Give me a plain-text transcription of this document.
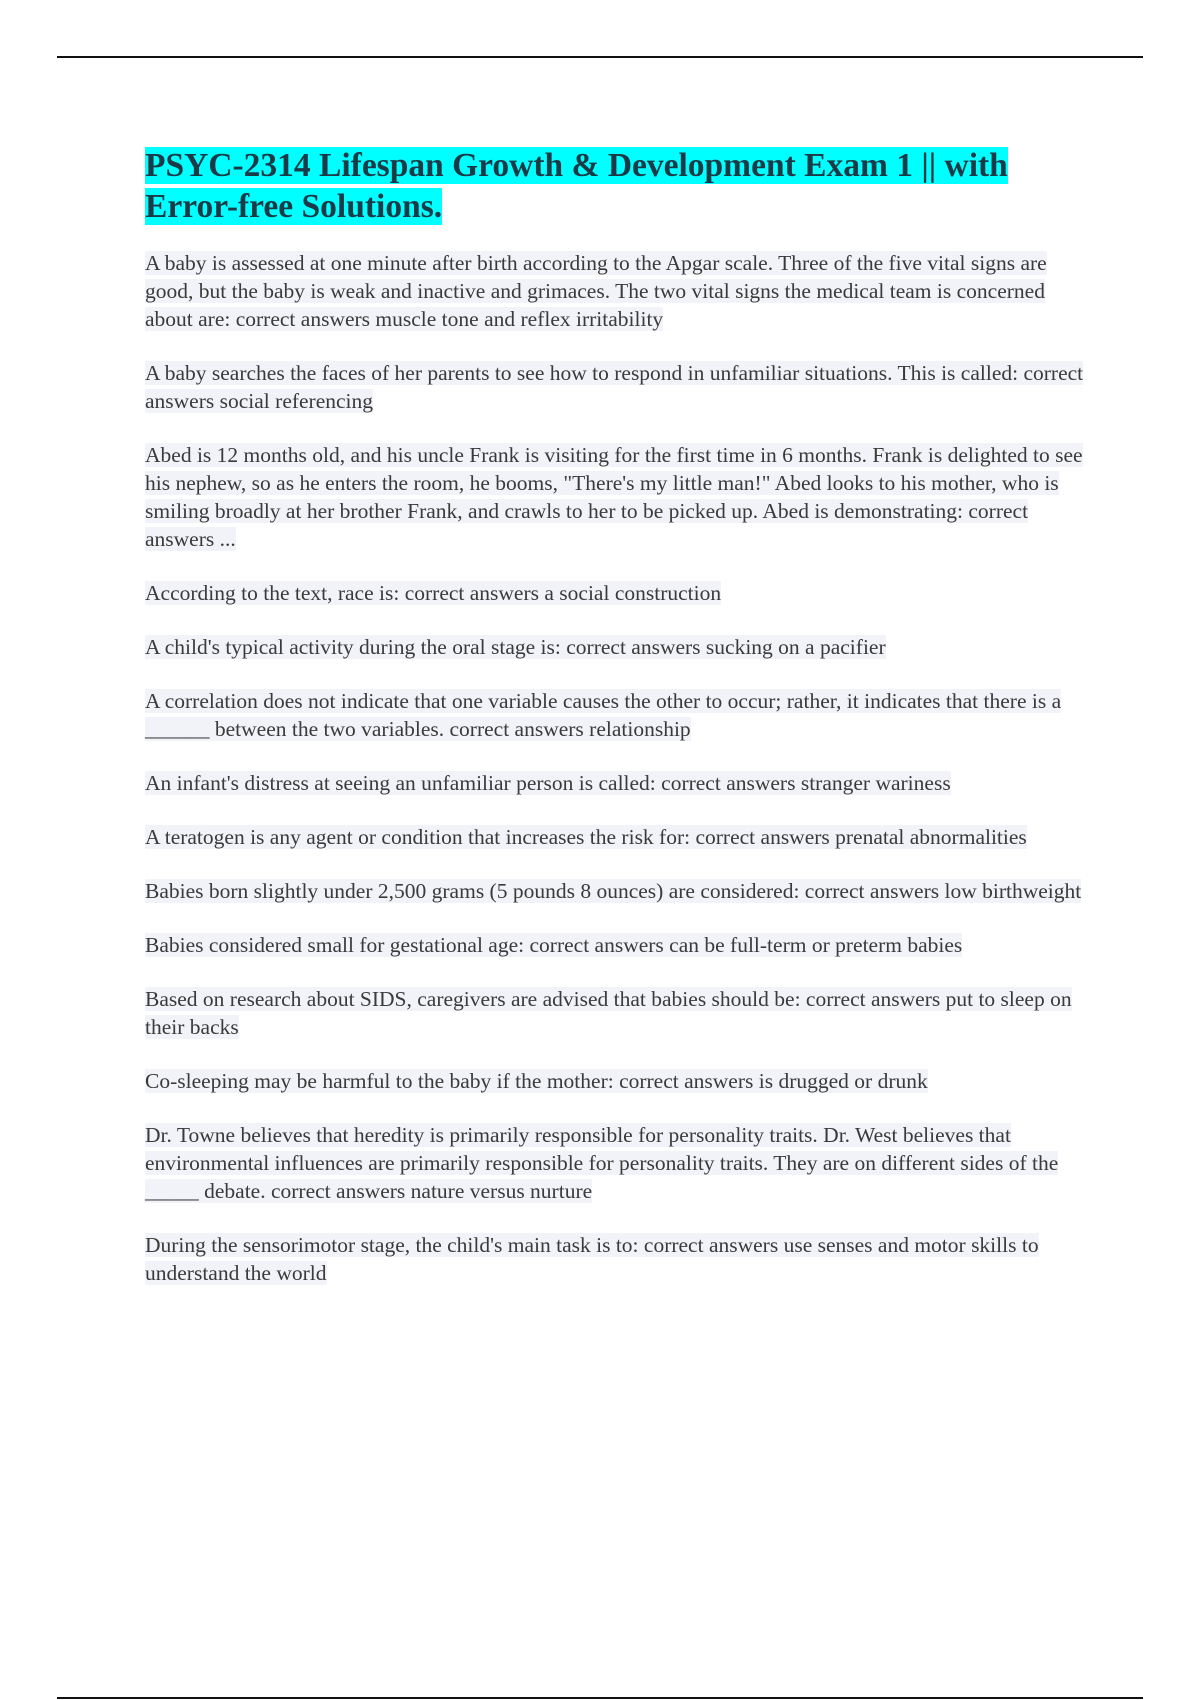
PSYC-2314 Lifespan Growth & Development Exam 1 || with Error-free Solutions.

A baby is assessed at one minute after birth according to the Apgar scale. Three of the five vital signs are good, but the baby is weak and inactive and grimaces. The two vital signs the medical team is concerned about are: correct answers muscle tone and reflex irritability

A baby searches the faces of her parents to see how to respond in unfamiliar situations. This is called: correct answers social referencing

Abed is 12 months old, and his uncle Frank is visiting for the first time in 6 months. Frank is delighted to see his nephew, so as he enters the room, he booms, "There's my little man!" Abed looks to his mother, who is smiling broadly at her brother Frank, and crawls to her to be picked up. Abed is demonstrating: correct answers ...

According to the text, race is: correct answers a social construction

A child's typical activity during the oral stage is: correct answers sucking on a pacifier

A correlation does not indicate that one variable causes the other to occur; rather, it indicates that there is a ______ between the two variables. correct answers relationship

An infant's distress at seeing an unfamiliar person is called: correct answers stranger wariness

A teratogen is any agent or condition that increases the risk for: correct answers prenatal abnormalities

Babies born slightly under 2,500 grams (5 pounds 8 ounces) are considered: correct answers low birthweight

Babies considered small for gestational age: correct answers can be full-term or preterm babies

Based on research about SIDS, caregivers are advised that babies should be: correct answers put to sleep on their backs

Co-sleeping may be harmful to the baby if the mother: correct answers is drugged or drunk

Dr. Towne believes that heredity is primarily responsible for personality traits. Dr. West believes that environmental influences are primarily responsible for personality traits. They are on different sides of the _____ debate. correct answers nature versus nurture

During the sensorimotor stage, the child's main task is to: correct answers use senses and motor skills to understand the world
